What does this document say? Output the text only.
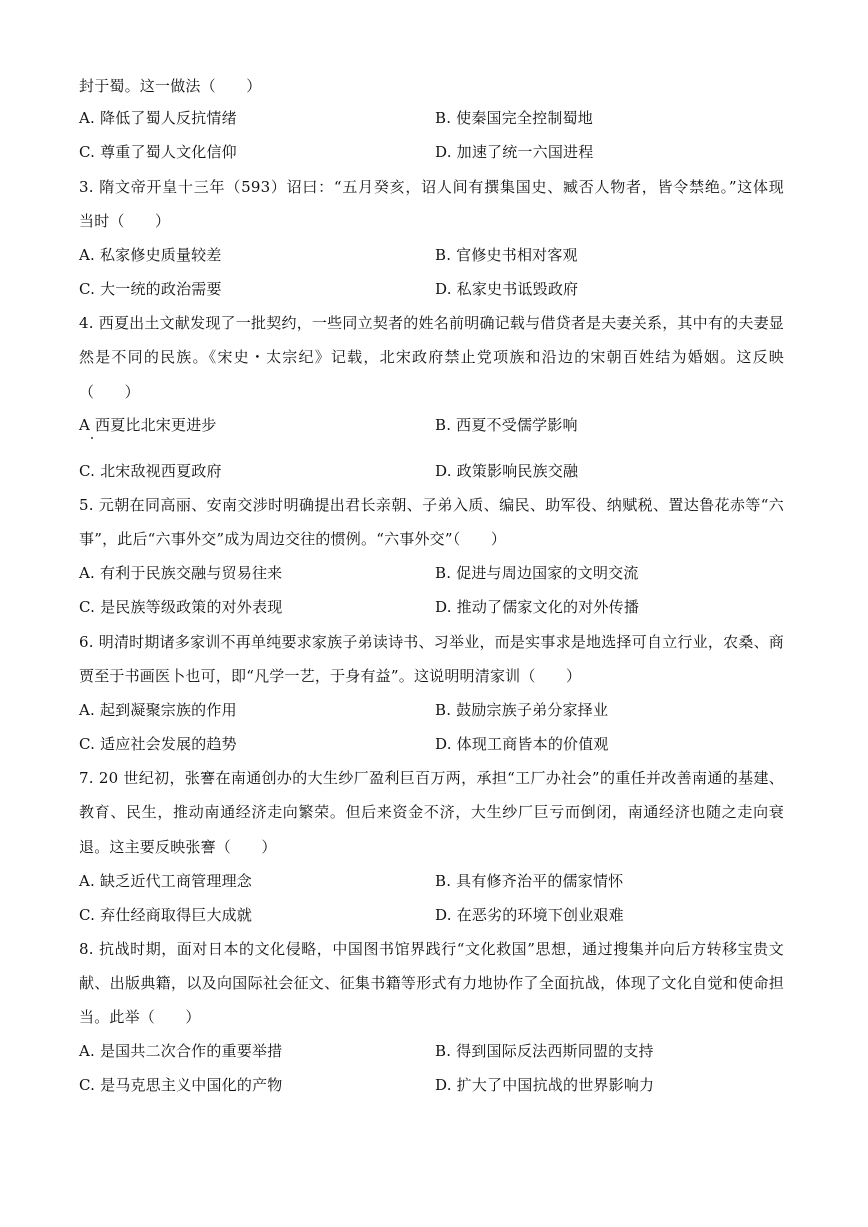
封于蜀。这一做法（　　）
A. 降低了蜀人反抗情绪	B. 使秦国完全控制蜀地
C. 尊重了蜀人文化信仰	D. 加速了统一六国进程
3. 隋文帝开皇十三年（593）诏曰：“五月癸亥，诏人间有撰集国史、臧否人物者，皆令禁绝。”这体现
当时（　　）
A. 私家修史质量较差	B. 官修史书相对客观
C. 大一统的政治需要	D. 私家史书诋毁政府
4. 西夏出土文献发现了一批契约，一些同立契者的姓名前明确记载与借贷者是夫妻关系，其中有的夫妻显
然是不同的民族。《宋史・太宗纪》记载，北宋政府禁止党项族和沿边的宋朝百姓结为婚姻。这反映
（　　）
A 西夏比北宋更进步	B. 西夏不受儒学影响
C. 北宋敌视西夏政府	D. 政策影响民族交融
5. 元朝在同高丽、安南交涉时明确提出君长亲朝、子弟入质、编民、助军役、纳赋税、置达鲁花赤等“六
事”，此后“六事外交”成为周边交往的惯例。“六事外交”（　　）
A. 有利于民族交融与贸易往来	B. 促进与周边国家的文明交流
C. 是民族等级政策的对外表现	D. 推动了儒家文化的对外传播
6. 明清时期诸多家训不再单纯要求家族子弟读诗书、习举业，而是实事求是地选择可自立行业，农桑、商
贾至于书画医卜也可，即“凡学一艺，于身有益”。这说明明清家训（　　）
A. 起到凝聚宗族的作用	B. 鼓励宗族子弟分家择业
C. 适应社会发展的趋势	D. 体现工商皆本的价值观
7. 20 世纪初，张謇在南通创办的大生纱厂盈利巨百万两，承担“工厂办社会”的重任并改善南通的基建、
教育、民生，推动南通经济走向繁荣。但后来资金不济，大生纱厂巨亏而倒闭，南通经济也随之走向衰
退。这主要反映张謇（　　）
A. 缺乏近代工商管理理念	B. 具有修齐治平的儒家情怀
C. 弃仕经商取得巨大成就	D. 在恶劣的环境下创业艰难
8. 抗战时期，面对日本的文化侵略，中国图书馆界践行“文化救国”思想，通过搜集并向后方转移宝贵文
献、出版典籍，以及向国际社会征文、征集书籍等形式有力地协作了全面抗战，体现了文化自觉和使命担
当。此举（　　）
A. 是国共二次合作的重要举措	B. 得到国际反法西斯同盟的支持
C. 是马克思主义中国化的产物	D. 扩大了中国抗战的世界影响力
